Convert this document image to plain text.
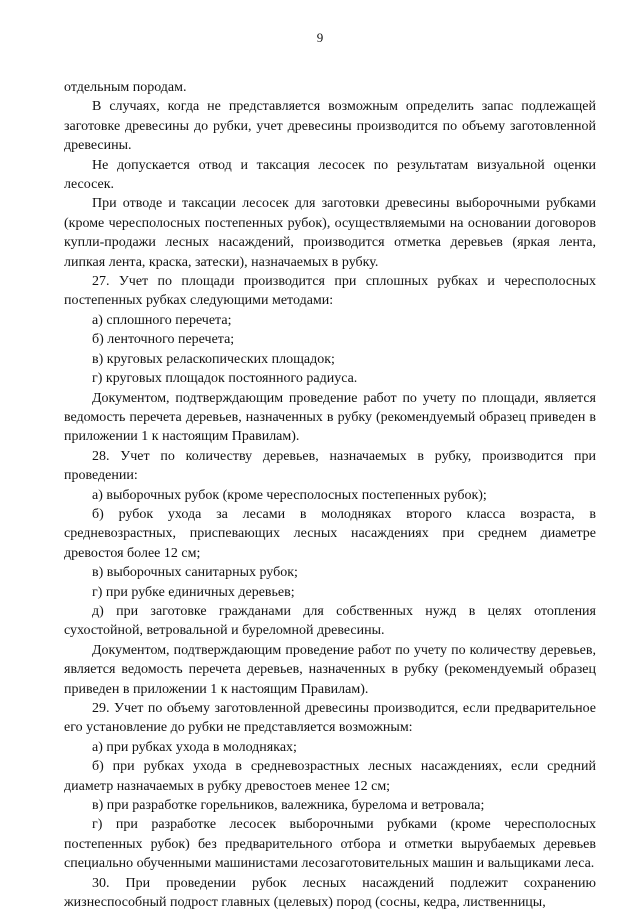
9

отдельным породам.

В случаях, когда не представляется возможным определить запас подлежащей заготовке древесины до рубки, учет древесины производится по объему заготовленной древесины.

Не допускается отвод и таксация лесосек по результатам визуальной оценки лесосек.

При отводе и таксации лесосек для заготовки древесины выборочными рубками (кроме чересполосных постепенных рубок), осуществляемыми на основании договоров купли-продажи лесных насаждений, производится отметка деревьев (яркая лента, липкая лента, краска, затески), назначаемых в рубку.

27. Учет по площади производится при сплошных рубках и чересполосных постепенных рубках следующими методами:

а) сплошного перечета;

б) ленточного перечета;

в) круговых реласкопических площадок;

г) круговых площадок постоянного радиуса.

Документом, подтверждающим проведение работ по учету по площади, является ведомость перечета деревьев, назначенных в рубку (рекомендуемый образец приведен в приложении 1 к настоящим Правилам).

28. Учет по количеству деревьев, назначаемых в рубку, производится при проведении:

а) выборочных рубок (кроме чересполосных постепенных рубок);

б) рубок ухода за лесами в молодняках второго класса возраста, в средневозрастных, приспевающих лесных насаждениях при среднем диаметре древостоя более 12 см;

в) выборочных санитарных рубок;

г) при рубке единичных деревьев;

д) при заготовке гражданами для собственных нужд в целях отопления сухостойной, ветровальной и буреломной древесины.

Документом, подтверждающим проведение работ по учету по количеству деревьев, является ведомость перечета деревьев, назначенных в рубку (рекомендуемый образец приведен в приложении 1 к настоящим Правилам).

29. Учет по объему заготовленной древесины производится, если предварительное его установление до рубки не представляется возможным:

а) при рубках ухода в молодняках;

б) при рубках ухода в средневозрастных лесных насаждениях, если средний диаметр назначаемых в рубку древостоев менее 12 см;

в) при разработке горельников, валежника, бурелома и ветровала;

г) при разработке лесосек выборочными рубками (кроме чересполосных постепенных рубок) без предварительного отбора и отметки вырубаемых деревьев специально обученными машинистами лесозаготовительных машин и вальщиками леса.

30. При проведении рубок лесных насаждений подлежит сохранению жизнеспособный подрост главных (целевых) пород (сосны, кедра, лиственницы,
